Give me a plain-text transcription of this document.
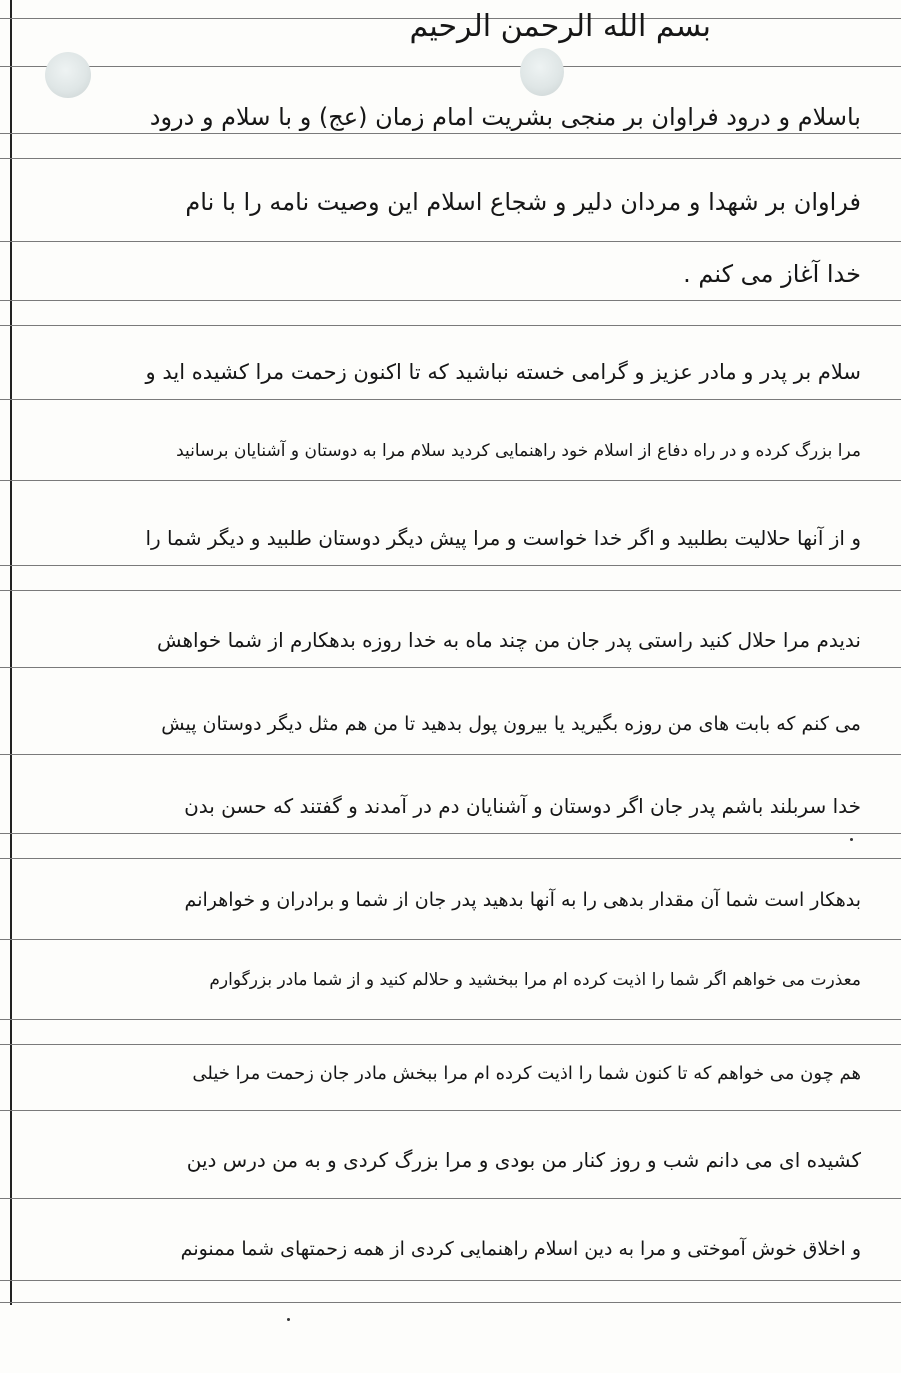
بسم الله الرحمن الرحیم
باسلام و درود فراوان بر منجی بشریت امام زمان (عج) و با سلام و درود
فراوان بر شهدا و مردان دلیر و شجاع اسلام این وصیت نامه را با نام
خدا آغاز می کنم .
سلام بر پدر و مادر عزیز و گرامی خسته نباشید که تا اکنون زحمت مرا کشیده اید و
مرا بزرگ کرده و در راه دفاع از اسلام خود راهنمایی کردید سلام مرا به دوستان و آشنایان برسانید
و از آنها حلالیت بطلبید و اگر خدا خواست و مرا پیش دیگر دوستان طلبید و دیگر شما را
ندیدم مرا حلال کنید راستی پدر جان من چند ماه به خدا روزه بدهکارم از شما خواهش
می کنم که بابت های من روزه بگیرید یا بیرون پول بدهید تا من هم مثل دیگر دوستان پیش
خدا سربلند باشم پدر جان اگر دوستان و آشنایان دم در آمدند و گفتند که حسن بدن
بدهکار است شما آن مقدار بدهی را به آنها بدهید پدر جان از شما و برادران و خواهرانم
معذرت می خواهم اگر شما را اذیت کرده ام مرا ببخشید و حلالم کنید و از شما مادر بزرگوارم
هم چون می خواهم که تا کنون شما را اذیت کرده ام مرا ببخش مادر جان زحمت مرا خیلی
کشیده ای می دانم شب و روز کنار من بودی و مرا بزرگ کردی و به من درس دین
و اخلاق خوش آموختی و مرا به دین اسلام راهنمایی کردی از همه زحمتهای شما ممنونم
